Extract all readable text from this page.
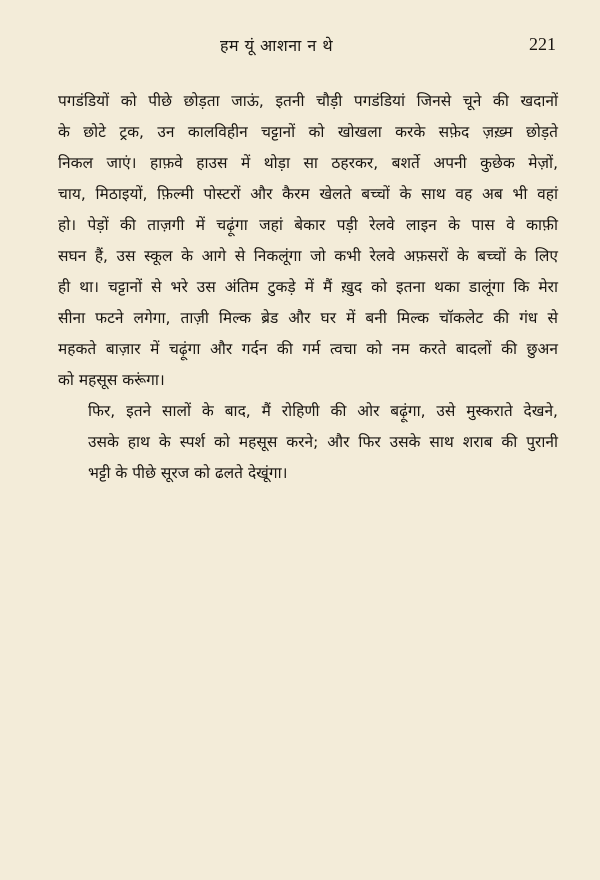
हम यूं आशना न थे	221

पगडंडियों को पीछे छोड़ता जाऊं, इतनी चौड़ी पगडंडियां जिनसे चूने की खदानों
के छोटे ट्रक, उन कालविहीन चट्टानों को खोखला करके सफ़ेद ज़ख़्म छोड़ते
निकल जाएं। हाफ़वे हाउस में थोड़ा सा ठहरकर, बशर्ते अपनी कुछेक मेज़ों,
चाय, मिठाइयों, फ़िल्मी पोस्टरों और कैरम खेलते बच्चों के साथ वह अब भी वहां
हो। पेड़ों की ताज़गी में चढ़ूंगा जहां बेकार पड़ी रेलवे लाइन के पास वे काफ़ी
सघन हैं, उस स्कूल के आगे से निकलूंगा जो कभी रेलवे अफ़सरों के बच्चों के लिए
ही था। चट्टानों से भरे उस अंतिम टुकड़े में मैं ख़ुद को इतना थका डालूंगा कि मेरा
सीना फटने लगेगा, ताज़ी मिल्क ब्रेड और घर में बनी मिल्क चॉकलेट की गंध से
महकते बाज़ार में चढ़ूंगा और गर्दन की गर्म त्वचा को नम करते बादलों की छुअन
को महसूस करूंगा।

फिर, इतने सालों के बाद, मैं रोहिणी की ओर बढ़ूंगा, उसे मुस्कराते देखने,
उसके हाथ के स्पर्श को महसूस करने; और फिर उसके साथ शराब की पुरानी
भट्टी के पीछे सूरज को ढलते देखूंगा।
